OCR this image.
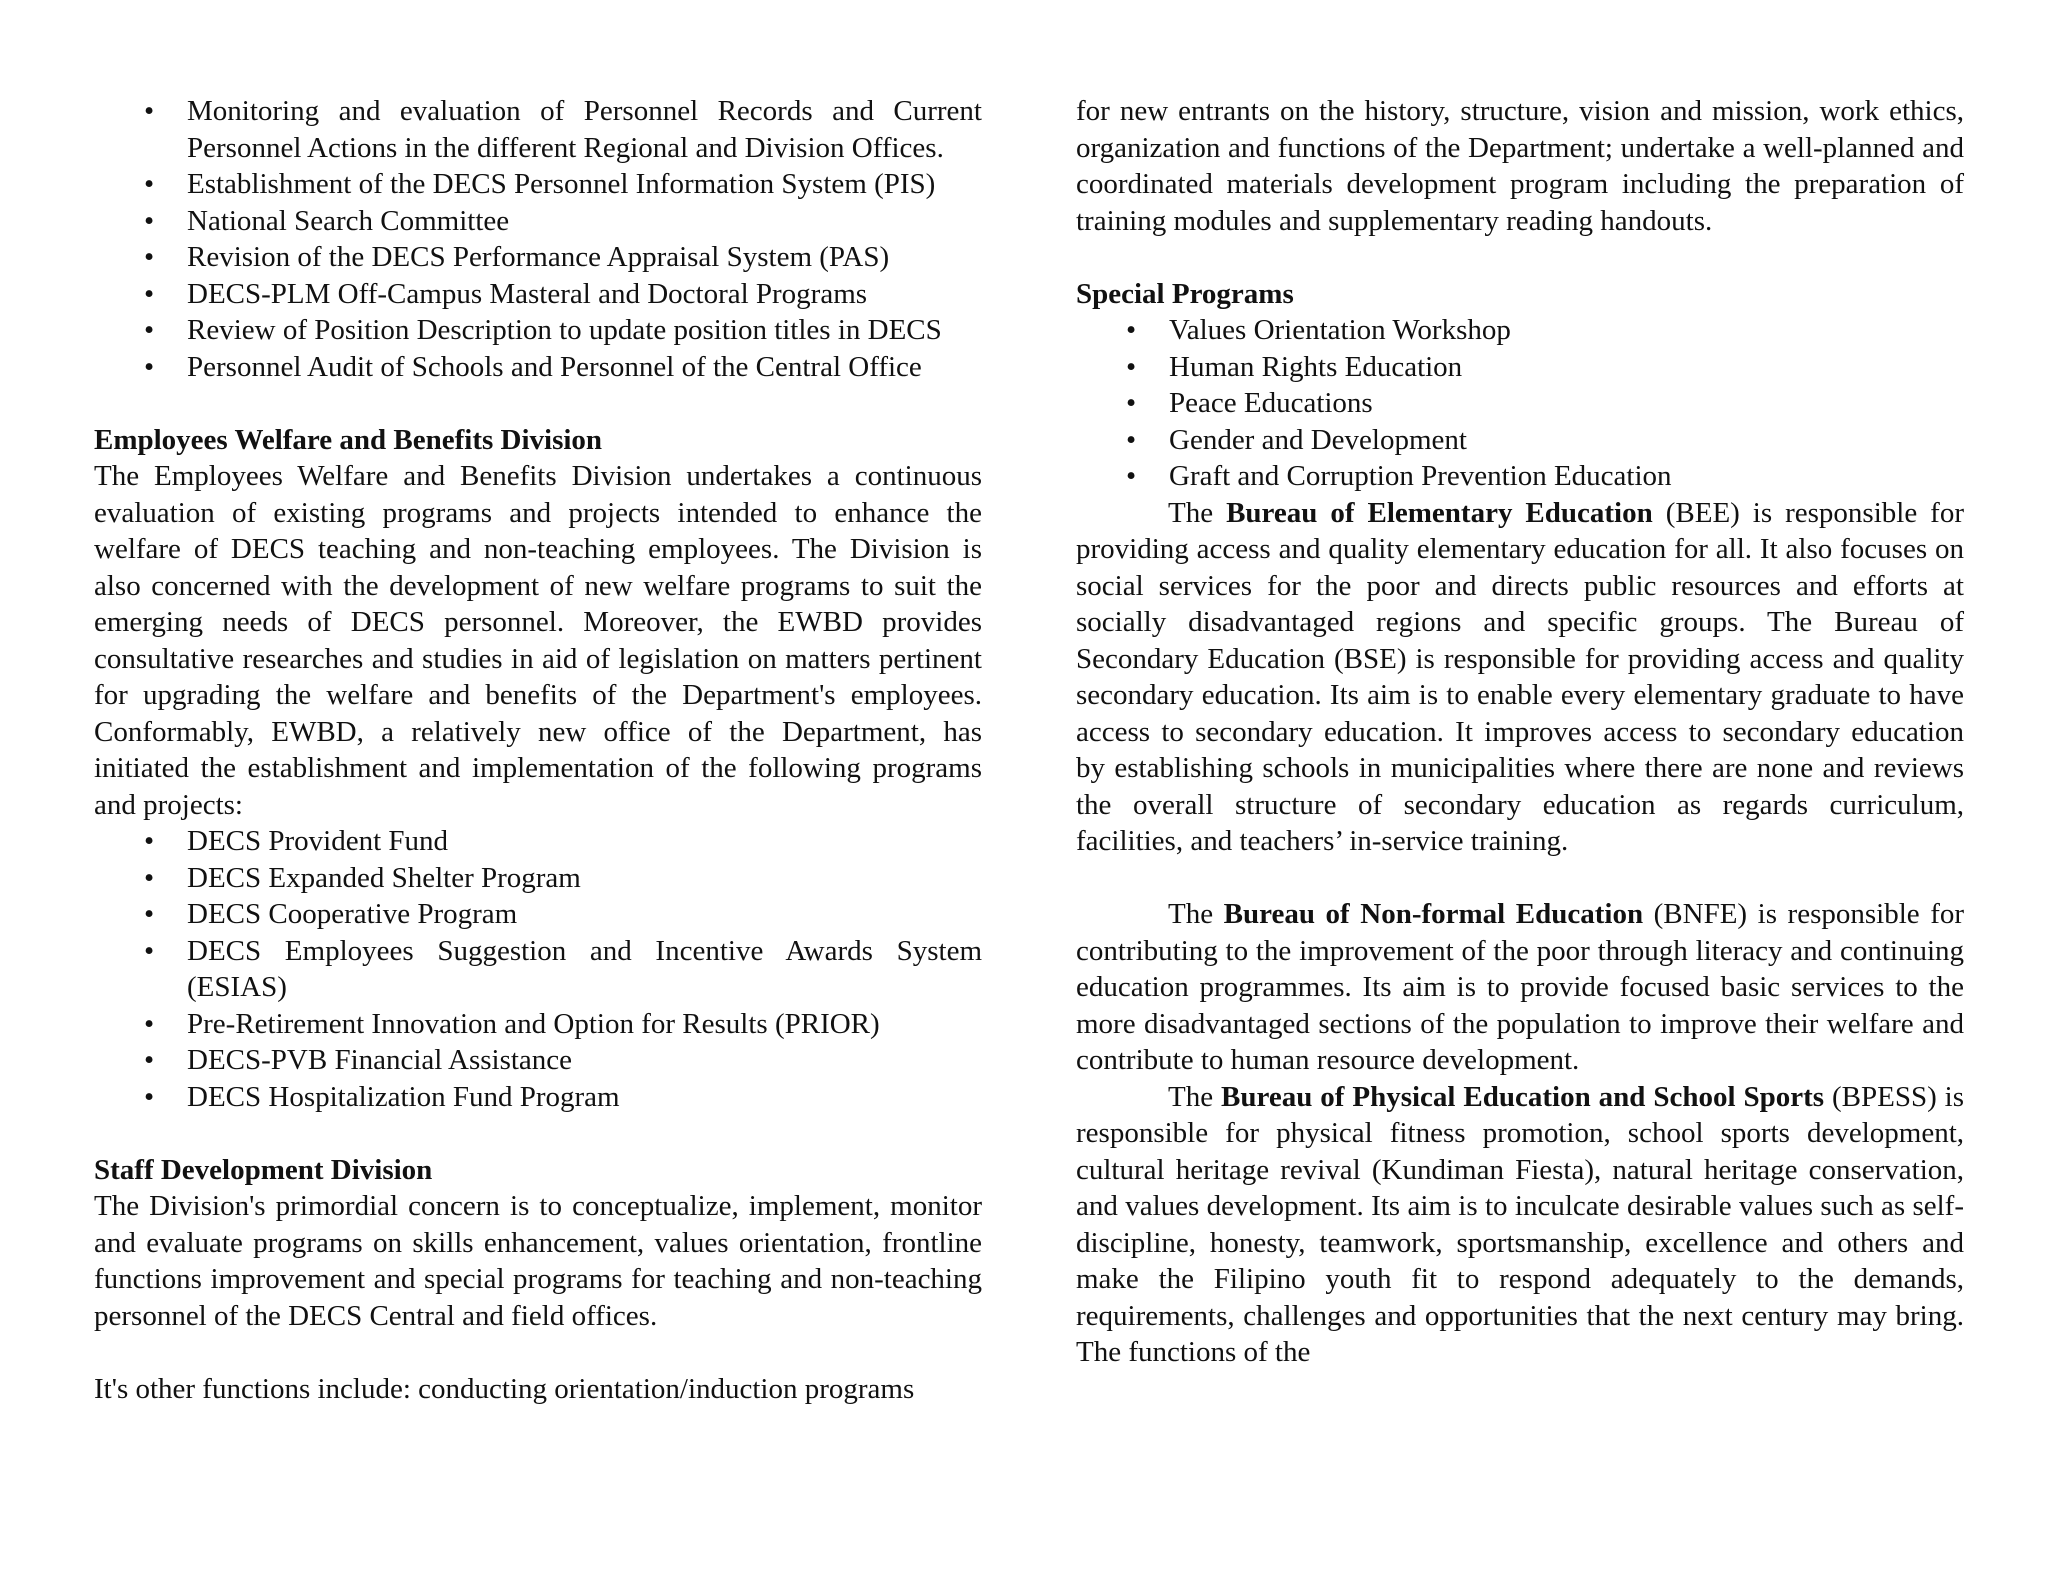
• Monitoring and evaluation of Personnel Records and Current Personnel Actions in the different Regional and Division Offices.
• Establishment of the DECS Personnel Information System (PIS)
• National Search Committee
• Revision of the DECS Performance Appraisal System (PAS)
• DECS-PLM Off-Campus Masteral and Doctoral Programs
• Review of Position Description to update position titles in DECS
• Personnel Audit of Schools and Personnel of the Central Office
Employees Welfare and Benefits Division

The Employees Welfare and Benefits Division undertakes a continuous evaluation of existing programs and projects intended to enhance the welfare of DECS teaching and non-teaching employees. The Division is also concerned with the development of new welfare programs to suit the emerging needs of DECS personnel. Moreover, the EWBD provides consultative researches and studies in aid of legislation on matters pertinent for upgrading the welfare and benefits of the Department's employees. Conformably, EWBD, a relatively new office of the Department, has initiated the establishment and implementation of the following programs and projects:

• DECS Provident Fund
• DECS Expanded Shelter Program
• DECS Cooperative Program
• DECS Employees Suggestion and Incentive Awards System (ESIAS)
• Pre-Retirement Innovation and Option for Results (PRIOR)
• DECS-PVB Financial Assistance
• DECS Hospitalization Fund Program
Staff Development Division

The Division's primordial concern is to conceptualize, implement, monitor and evaluate programs on skills enhancement, values orientation, frontline functions improvement and special programs for teaching and non-teaching personnel of the DECS Central and field offices.

It's other functions include: conducting orientation/induction programs

for new entrants on the history, structure, vision and mission, work ethics, organization and functions of the Department; undertake a well-planned and coordinated materials development program including the preparation of training modules and supplementary reading handouts.

Special Programs
• Values Orientation Workshop
• Human Rights Education
• Peace Educations
• Gender and Development
• Graft and Corruption Prevention Education

The Bureau of Elementary Education (BEE) is responsible for providing access and quality elementary education for all. It also focuses on social services for the poor and directs public resources and efforts at socially disadvantaged regions and specific groups. The Bureau of Secondary Education (BSE) is responsible for providing access and quality secondary education. Its aim is to enable every elementary graduate to have access to secondary education. It improves access to secondary education by establishing schools in municipalities where there are none and reviews the overall structure of secondary education as regards curriculum, facilities, and teachers’ in-service training.

The Bureau of Non-formal Education (BNFE) is responsible for contributing to the improvement of the poor through literacy and continuing education programmes. Its aim is to provide focused basic services to the more disadvantaged sections of the population to improve their welfare and contribute to human resource development.

The Bureau of Physical Education and School Sports (BPESS) is responsible for physical fitness promotion, school sports development, cultural heritage revival (Kundiman Fiesta), natural heritage conservation, and values development. Its aim is to inculcate desirable values such as self-discipline, honesty, teamwork, sportsmanship, excellence and others and make the Filipino youth fit to respond adequately to the demands, requirements, challenges and opportunities that the next century may bring. The functions of the
